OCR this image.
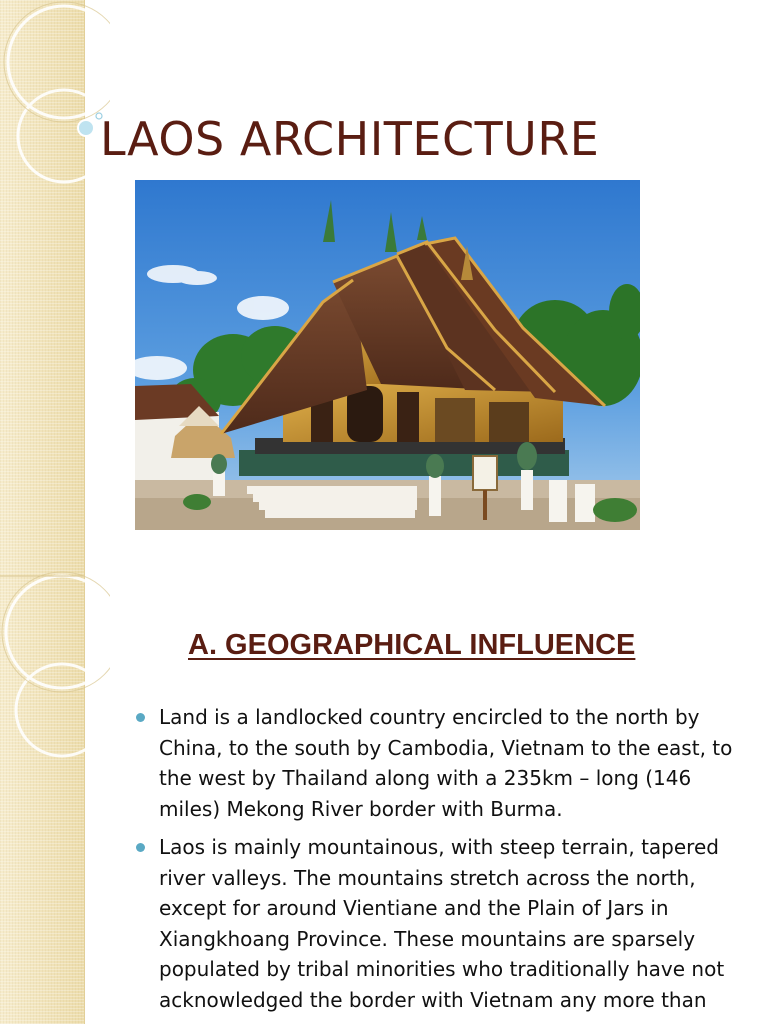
LAOS ARCHITECTURE
A. GEOGRAPHICAL INFLUENCE
Land is a landlocked country encircled to the north by China, to the south by Cambodia, Vietnam to the east, to the west by Thailand along with a 235km – long (146 miles) Mekong River border with Burma.
Laos is mainly mountainous, with steep terrain, tapered river valleys. The mountains stretch across the north, except for around Vientiane and the Plain of Jars in Xiangkhoang Province. These mountains are sparsely populated by tribal minorities who traditionally have not acknowledged the border with Vietnam any more than
